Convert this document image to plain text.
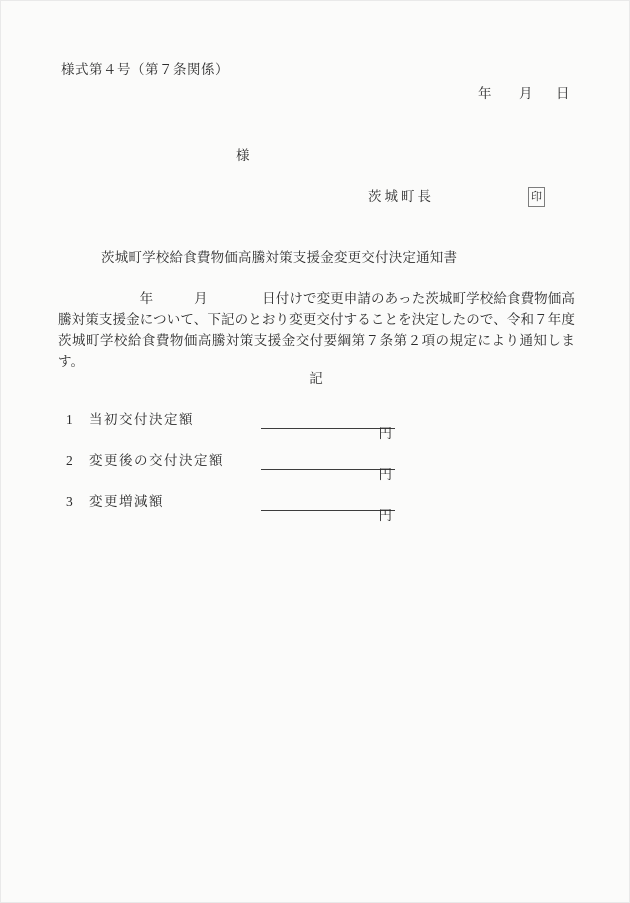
様式第４号（第７条関係）
年 月 日
様
茨城町長	印
茨城町学校給食費物価高騰対策支援金変更交付決定通知書
　　　　　　年　　　月　　　　日付けで変更申請のあった茨城町学校給食費物価高騰対策支援金について、下記のとおり変更交付することを決定したので、令和７年度茨城町学校給食費物価高騰対策支援金交付要綱第７条第２項の規定により通知します。
記

1

当初交付決定額

円

2

変更後の交付決定額

円

3

変更増減額

円
